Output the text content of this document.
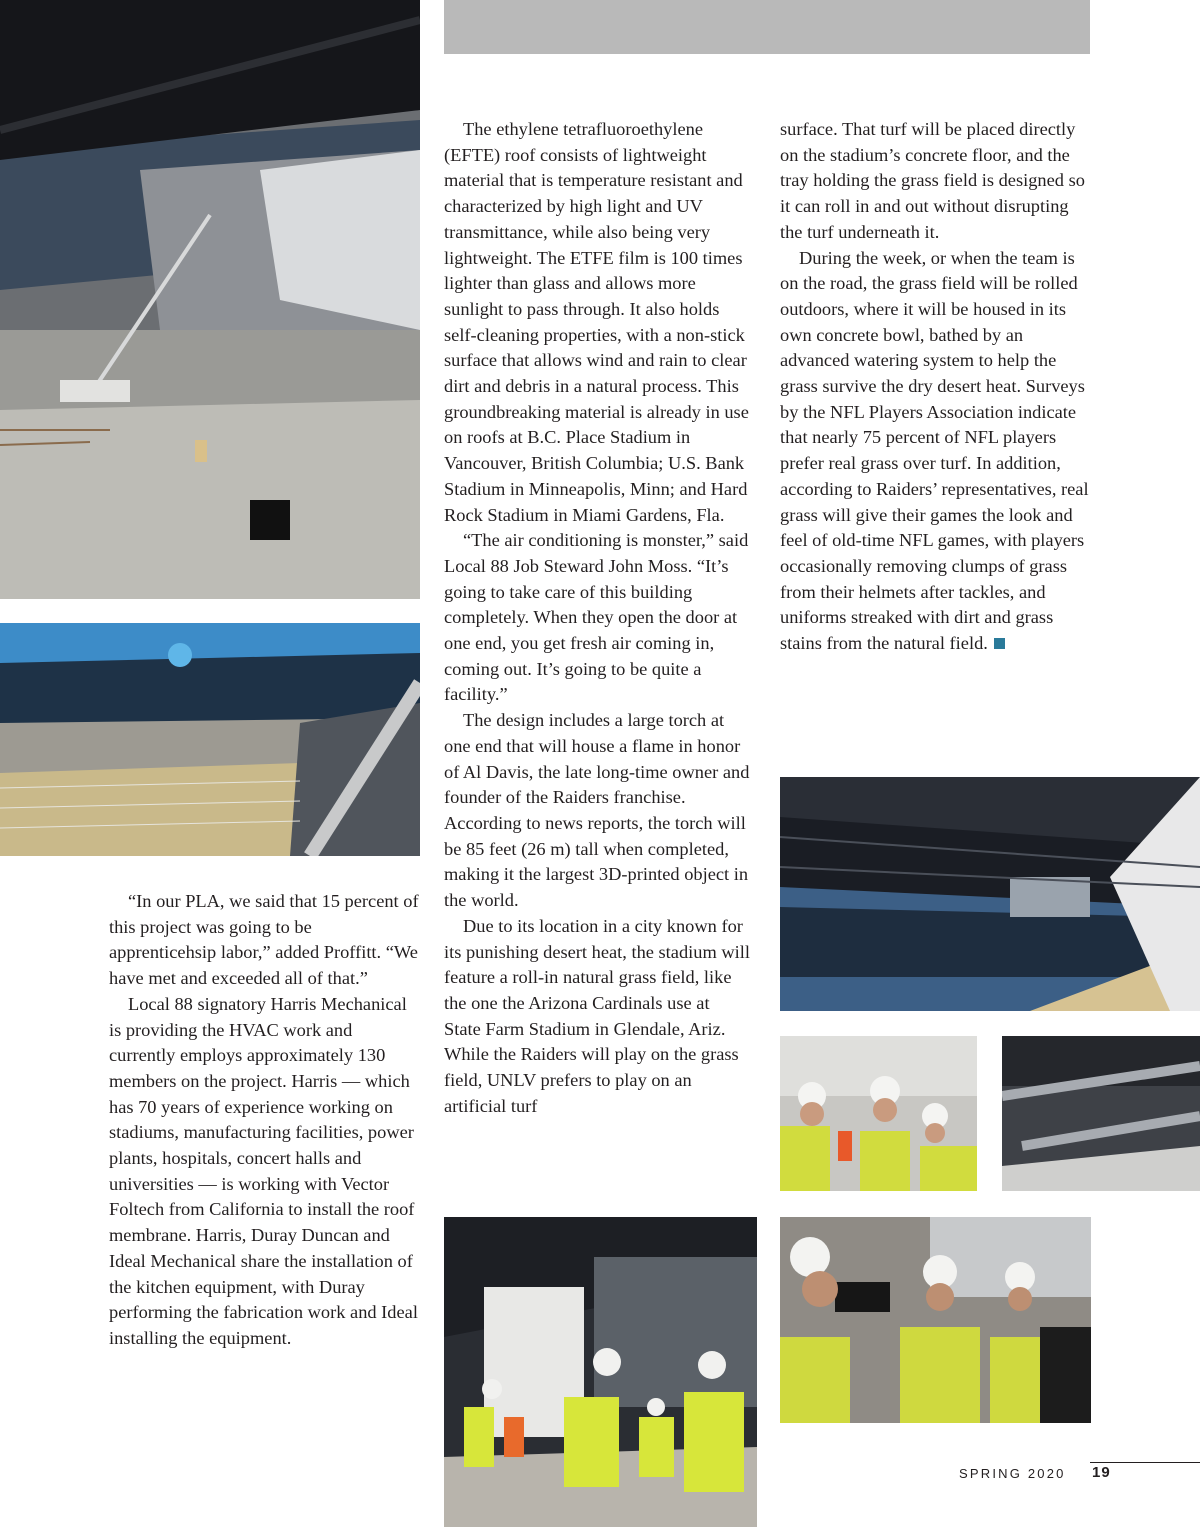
“In our PLA, we said that 15 percent of this project was going to be apprenticehsip labor,” added Proffitt. “We have met and exceeded all of that.”

Local 88 signatory Harris Mechanical is providing the HVAC work and currently employs approximately 130 members on the project. Harris — which has 70 years of experience working on stadiums, manufacturing facilities, power plants, hospitals, concert halls and universities — is working with Vector Foltech from California to install the roof membrane. Harris, Duray Duncan and Ideal Mechanical share the installation of the kitchen equipment, with Duray performing the fabrication work and Ideal installing the equipment.

The ethylene tetrafluoroethylene (EFTE) roof consists of lightweight material that is temperature resistant and characterized by high light and UV transmittance, while also being very lightweight. The ETFE film is 100 times lighter than glass and allows more sunlight to pass through. It also holds self-cleaning properties, with a non-stick surface that allows wind and rain to clear dirt and debris in a natural process. This groundbreaking material is already in use on roofs at B.C. Place Stadium in Vancouver, British Columbia; U.S. Bank Stadium in Minneapolis, Minn; and Hard Rock Stadium in Miami Gardens, Fla.

“The air conditioning is monster,” said Local 88 Job Steward John Moss. “It’s going to take care of this building completely. When they open the door at one end, you get fresh air coming in, coming out. It’s going to be quite a facility.”

The design includes a large torch at one end that will house a flame in honor of Al Davis, the late long-time owner and founder of the Raiders franchise. According to news reports, the torch will be 85 feet (26 m) tall when completed, making it the largest 3D-printed object in the world.

Due to its location in a city known for its punishing desert heat, the stadium will feature a roll-in natural grass field, like the one the Arizona Cardinals use at State Farm Stadium in Glendale, Ariz. While the Raiders will play on the grass field, UNLV prefers to play on an artificial turf

surface. That turf will be placed directly on the stadium’s concrete floor, and the tray holding the grass field is designed so it can roll in and out without disrupting the turf underneath it.

During the week, or when the team is on the road, the grass field will be rolled outdoors, where it will be housed in its own concrete bowl, bathed by an advanced watering system to help the grass survive the dry desert heat. Surveys by the NFL Players Association indicate that nearly 75 percent of NFL players prefer real grass over turf. In addition, according to Raiders’ representatives, real grass will give their games the look and feel of old-time NFL games, with players occasionally removing clumps of grass from their helmets after tackles, and uniforms streaked with dirt and grass stains from the natural field.

SPRING 2020 19
